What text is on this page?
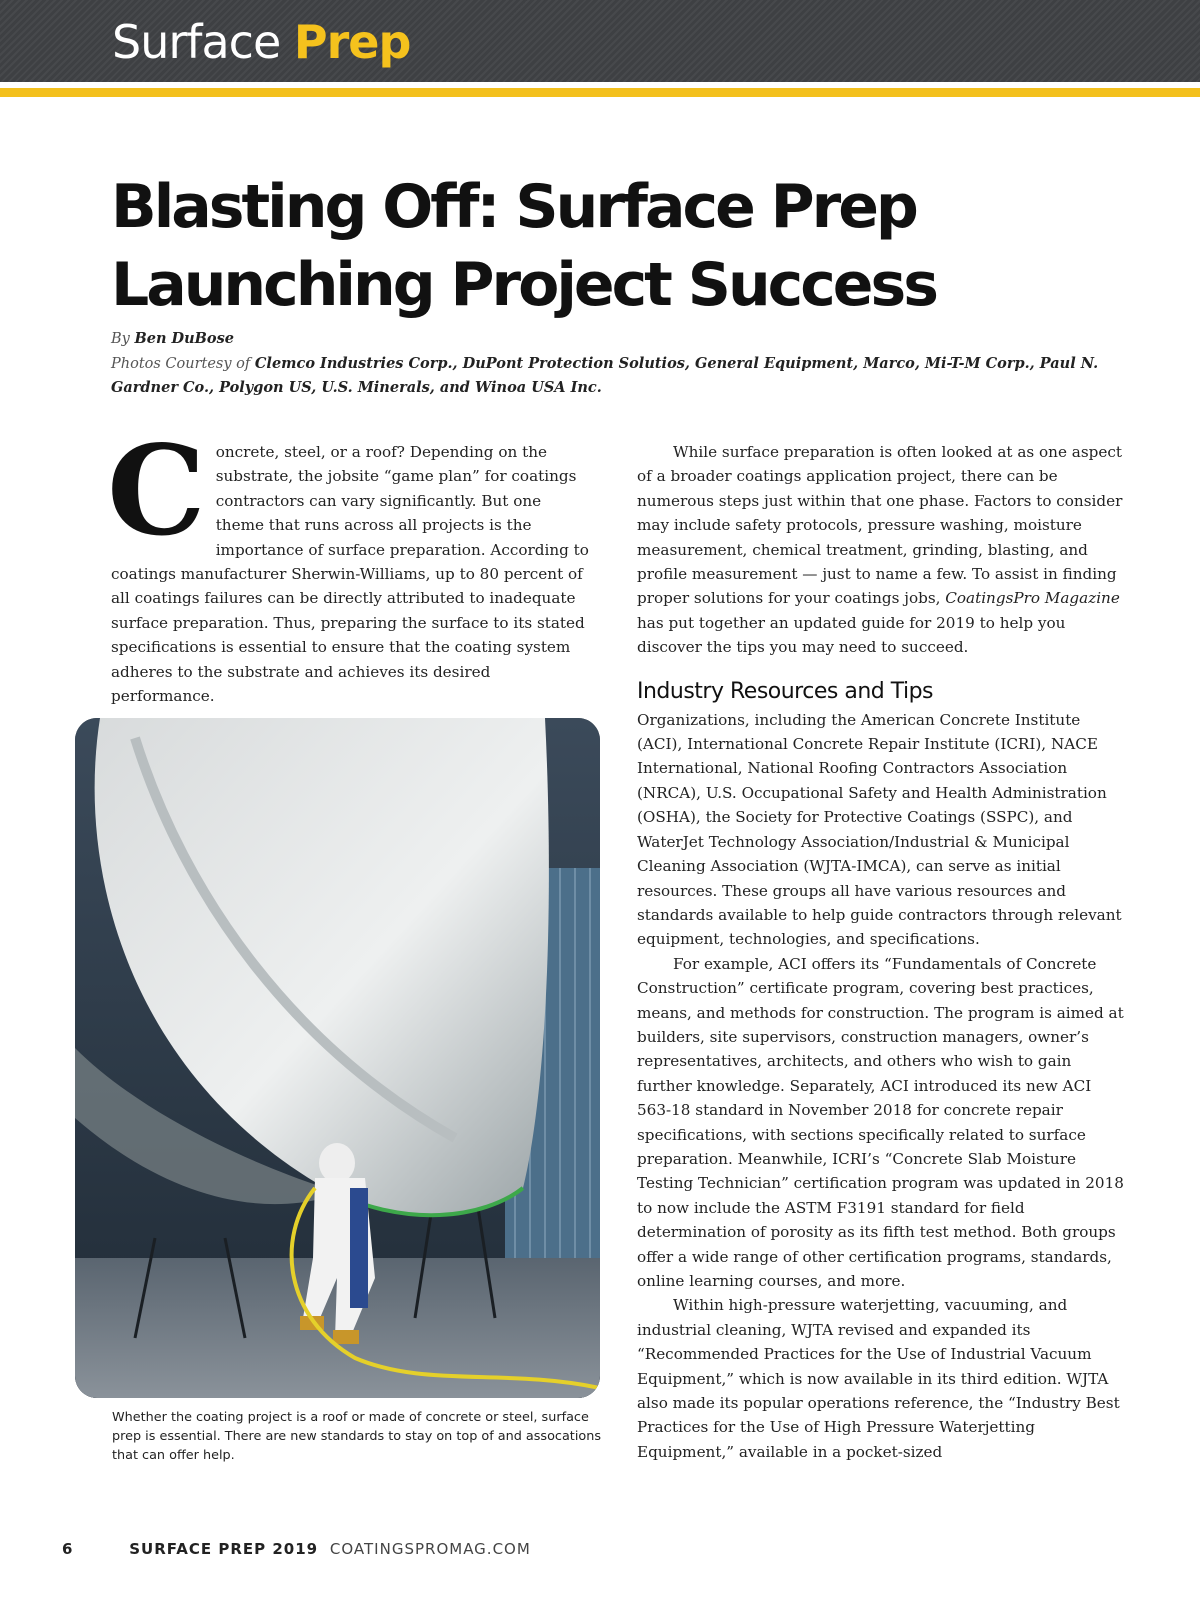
Surface Prep
Blasting Off: Surface Prep Launching Project Success
By Ben DuBose
Photos Courtesy of Clemco Industries Corp., DuPont Protection Solutios, General Equipment, Marco, Mi-T-M Corp., Paul N. Gardner Co., Polygon US, U.S. Minerals, and Winoa USA Inc.

Concrete, steel, or a roof? Depending on the substrate, the jobsite “game plan” for coatings contractors can vary significantly. But one theme that runs across all projects is the importance of surface preparation. According to coatings manufacturer Sherwin-Williams, up to 80 percent of all coatings failures can be directly attributed to inadequate surface preparation. Thus, preparing the surface to its stated specifications is essential to ensure that the coating system adheres to the substrate and achieves its desired performance.

Whether the coating project is a roof or made of concrete or steel, surface prep is essential. There are new standards to stay on top of and assocations that can offer help.

While surface preparation is often looked at as one aspect of a broader coatings application project, there can be numerous steps just within that one phase. Factors to consider may include safety protocols, pressure washing, moisture measurement, chemical treatment, grinding, blasting, and profile measurement — just to name a few. To assist in finding proper solutions for your coatings jobs, CoatingsPro Magazine has put together an updated guide for 2019 to help you discover the tips you may need to succeed.

Industry Resources and Tips

Organizations, including the American Concrete Institute (ACI), International Concrete Repair Institute (ICRI), NACE International, National Roofing Contractors Association (NRCA), U.S. Occupational Safety and Health Administration (OSHA), the Society for Protective Coatings (SSPC), and WaterJet Technology Association/Industrial & Municipal Cleaning Association (WJTA-IMCA), can serve as initial resources. These groups all have various resources and standards available to help guide contractors through relevant equipment, technologies, and specifications.

For example, ACI offers its “Fundamentals of Concrete Construction” certificate program, covering best practices, means, and methods for construction. The program is aimed at builders, site supervisors, construction managers, owner’s representatives, architects, and others who wish to gain further knowledge. Separately, ACI introduced its new ACI 563-18 standard in November 2018 for concrete repair specifications, with sections specifically related to surface preparation. Meanwhile, ICRI’s “Concrete Slab Moisture Testing Technician” certification program was updated in 2018 to now include the ASTM F3191 standard for field determination of porosity as its fifth test method. Both groups offer a wide range of other certification programs, standards, online learning courses, and more.

Within high-pressure waterjetting, vacuuming, and industrial cleaning, WJTA revised and expanded its “Recommended Practices for the Use of Industrial Vacuum Equipment,” which is now available in its third edition. WJTA also made its popular operations reference, the “Industry Best Practices for the Use of High Pressure Waterjetting Equipment,” available in a pocket-sized

6	SURFACE PREP 2019 COATINGSPROMAG.COM
